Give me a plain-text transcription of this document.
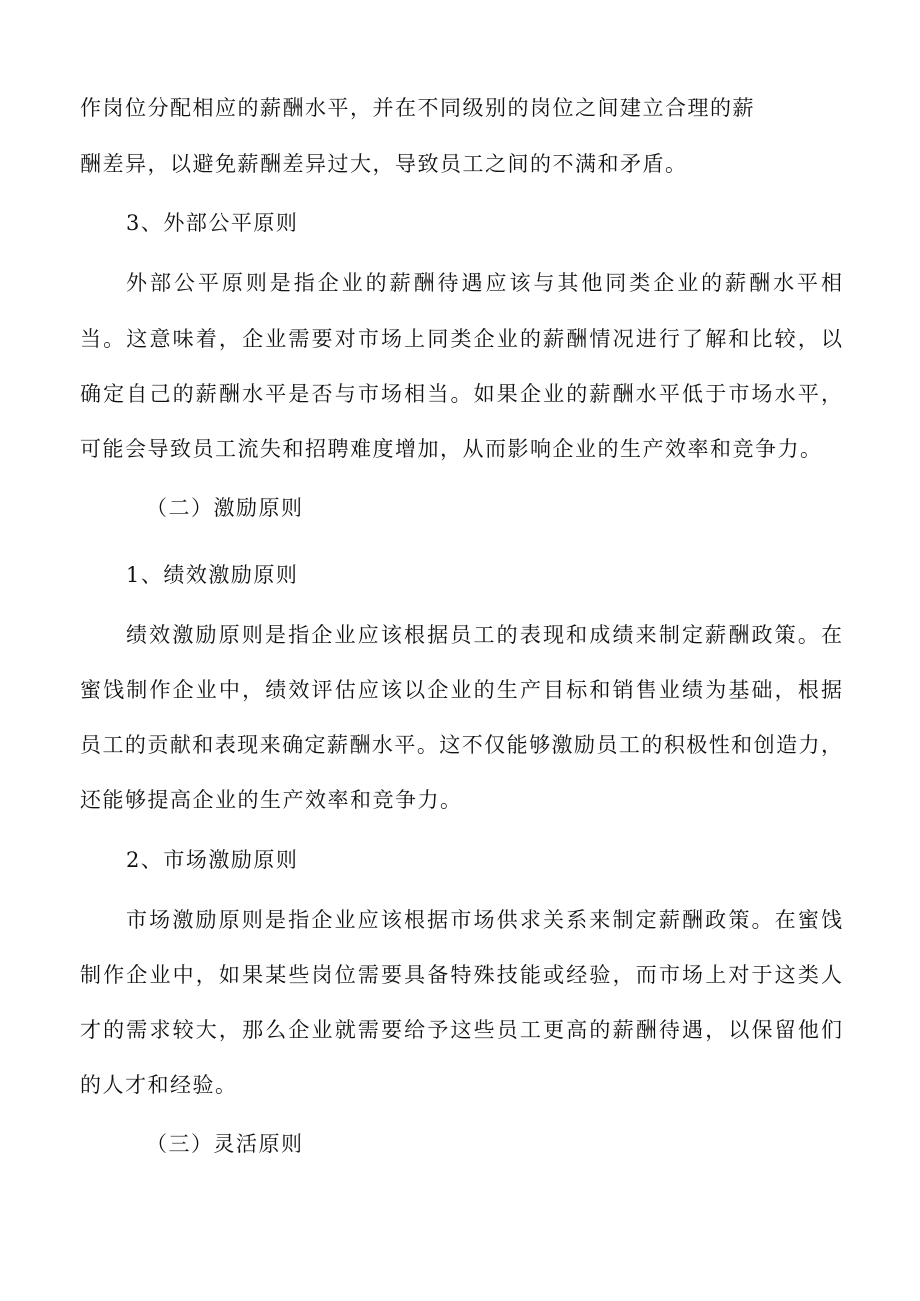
作岗位分配相应的薪酬水平，并在不同级别的岗位之间建立合理的薪
酬差异，以避免薪酬差异过大，导致员工之间的不满和矛盾。
3、外部公平原则
外部公平原则是指企业的薪酬待遇应该与其他同类企业的薪酬水平相
当。这意味着，企业需要对市场上同类企业的薪酬情况进行了解和比较，以
确定自己的薪酬水平是否与市场相当。如果企业的薪酬水平低于市场水平，
可能会导致员工流失和招聘难度增加，从而影响企业的生产效率和竞争力。
（二）激励原则
1、绩效激励原则
绩效激励原则是指企业应该根据员工的表现和成绩来制定薪酬政策。在
蜜饯制作企业中，绩效评估应该以企业的生产目标和销售业绩为基础，根据
员工的贡献和表现来确定薪酬水平。这不仅能够激励员工的积极性和创造力，
还能够提高企业的生产效率和竞争力。
2、市场激励原则
市场激励原则是指企业应该根据市场供求关系来制定薪酬政策。在蜜饯
制作企业中，如果某些岗位需要具备特殊技能或经验，而市场上对于这类人
才的需求较大，那么企业就需要给予这些员工更高的薪酬待遇，以保留他们
的人才和经验。
（三）灵活原则
